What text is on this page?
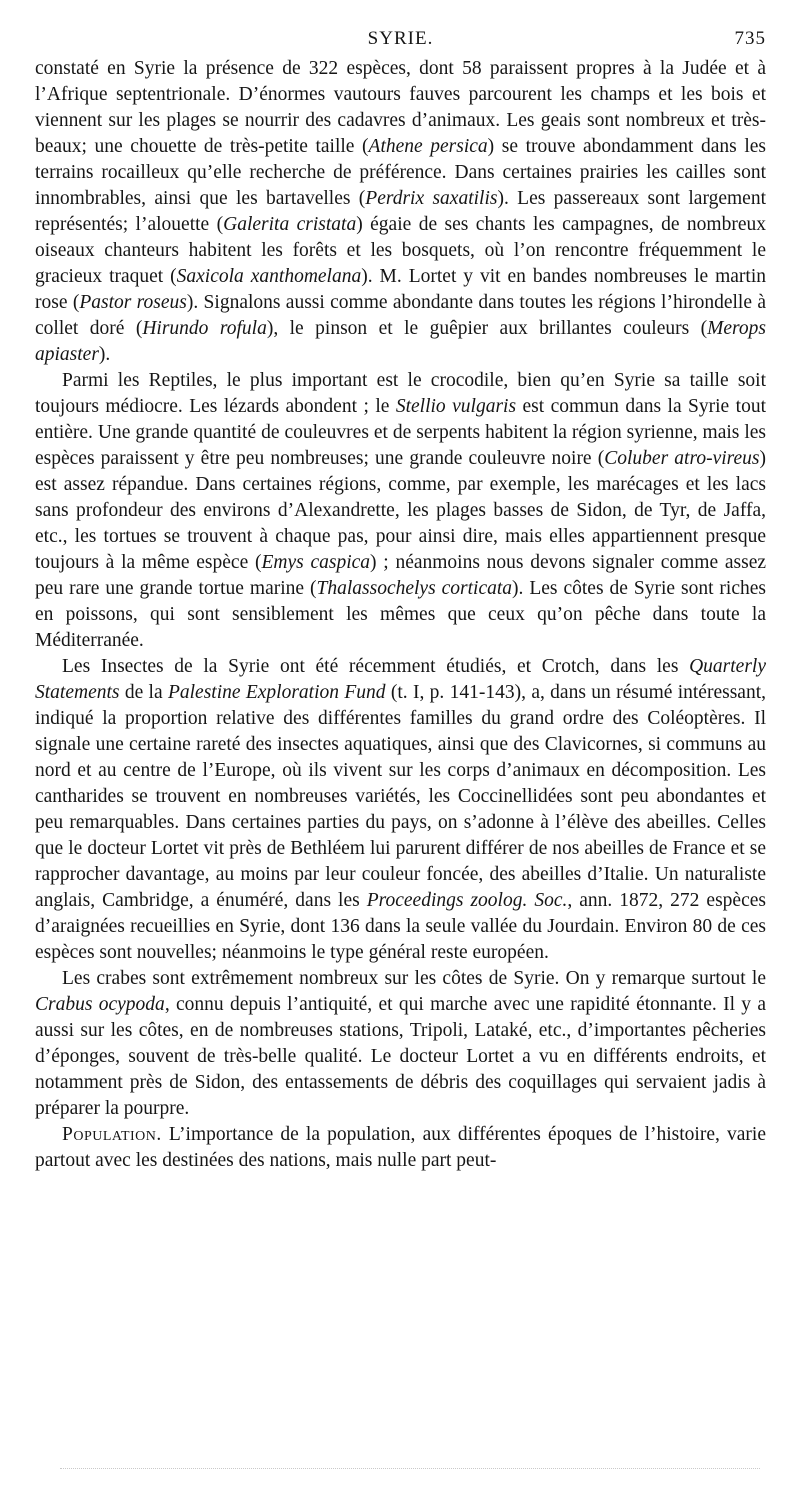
SYRIE.	735

constaté en Syrie la présence de 322 espèces, dont 58 paraissent propres à la Judée et à l’Afrique septentrionale. D’énormes vautours fauves parcourent les champs et les bois et viennent sur les plages se nourrir des cadavres d’animaux. Les geais sont nombreux et très-beaux; une chouette de très-petite taille (Athene persica) se trouve abondamment dans les terrains rocailleux qu’elle recherche de préférence. Dans certaines prairies les cailles sont innombrables, ainsi que les bartavelles (Perdrix saxatilis). Les passereaux sont largement représentés; l’alouette (Galerita cristata) égaie de ses chants les campagnes, de nombreux oiseaux chanteurs habitent les forêts et les bosquets, où l’on rencontre fréquemment le gracieux traquet (Saxicola xanthomelana). M. Lortet y vit en bandes nombreuses le martin rose (Pastor roseus). Signalons aussi comme abondante dans toutes les régions l’hirondelle à collet doré (Hirundo rofula), le pinson et le guêpier aux brillantes couleurs (Merops apiaster).

Parmi les Reptiles, le plus important est le crocodile, bien qu’en Syrie sa taille soit toujours médiocre. Les lézards abondent ; le Stellio vulgaris est commun dans la Syrie tout entière. Une grande quantité de couleuvres et de serpents habitent la région syrienne, mais les espèces paraissent y être peu nombreuses; une grande couleuvre noire (Coluber atro-vireus) est assez répandue. Dans certaines régions, comme, par exemple, les marécages et les lacs sans profondeur des environs d’Alexandrette, les plages basses de Sidon, de Tyr, de Jaffa, etc., les tortues se trouvent à chaque pas, pour ainsi dire, mais elles appartiennent presque toujours à la même espèce (Emys caspica) ; néanmoins nous devons signaler comme assez peu rare une grande tortue marine (Thalassochelys corticata). Les côtes de Syrie sont riches en poissons, qui sont sensiblement les mêmes que ceux qu’on pêche dans toute la Méditerranée.

Les Insectes de la Syrie ont été récemment étudiés, et Crotch, dans les Quarterly Statements de la Palestine Exploration Fund (t. I, p. 141-143), a, dans un résumé intéressant, indiqué la proportion relative des différentes familles du grand ordre des Coléoptères. Il signale une certaine rareté des insectes aquatiques, ainsi que des Clavicornes, si communs au nord et au centre de l’Europe, où ils vivent sur les corps d’animaux en décomposition. Les cantharides se trouvent en nombreuses variétés, les Coccinellidées sont peu abondantes et peu remarquables. Dans certaines parties du pays, on s’adonne à l’élève des abeilles. Celles que le docteur Lortet vit près de Bethléem lui parurent différer de nos abeilles de France et se rapprocher davantage, au moins par leur couleur foncée, des abeilles d’Italie. Un naturaliste anglais, Cambridge, a énuméré, dans les Proceedings zoolog. Soc., ann. 1872, 272 espèces d’araignées recueillies en Syrie, dont 136 dans la seule vallée du Jourdain. Environ 80 de ces espèces sont nouvelles; néanmoins le type général reste européen.

Les crabes sont extrêmement nombreux sur les côtes de Syrie. On y remarque surtout le Crabus ocypoda, connu depuis l’antiquité, et qui marche avec une rapidité étonnante. Il y a aussi sur les côtes, en de nombreuses stations, Tripoli, Lataké, etc., d’importantes pêcheries d’éponges, souvent de très-belle qualité. Le docteur Lortet a vu en différents endroits, et notamment près de Sidon, des entassements de débris des coquillages qui servaient jadis à préparer la pourpre.

Population. L’importance de la population, aux différentes époques de l’histoire, varie partout avec les destinées des nations, mais nulle part peut-
